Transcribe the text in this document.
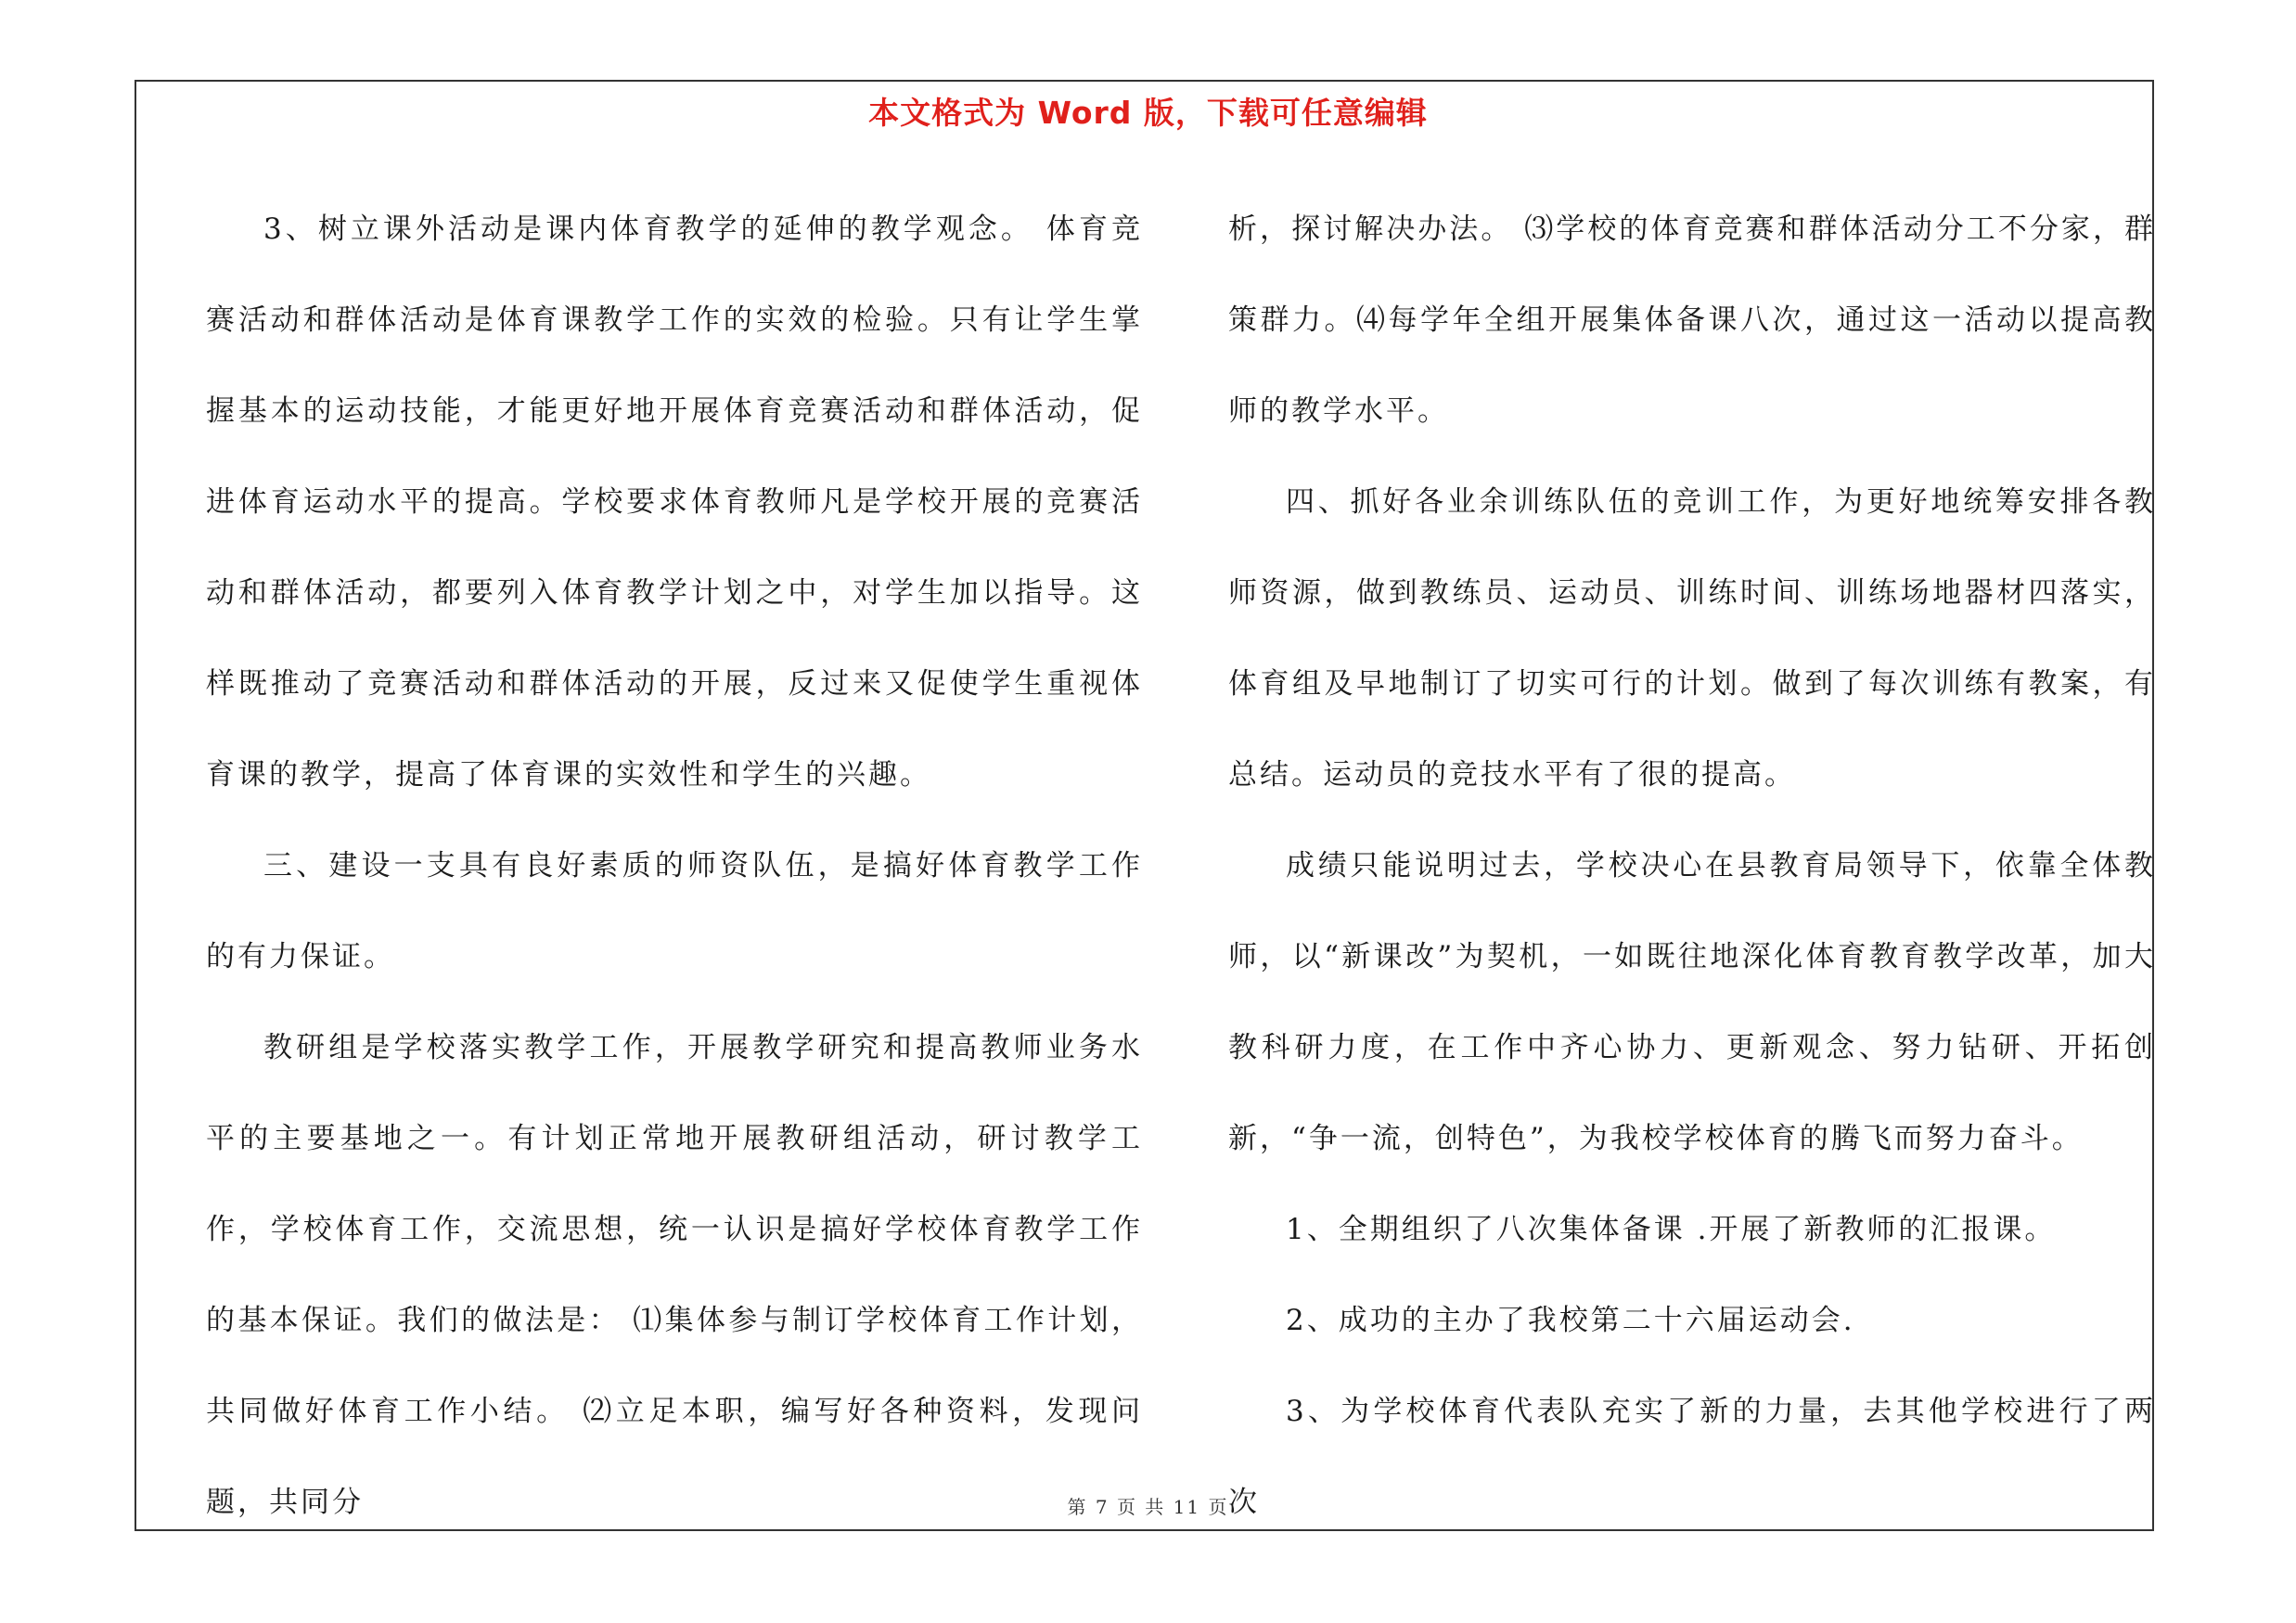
本文格式为 Word 版，下载可任意编辑

3、树立课外活动是课内体育教学的延伸的教学观念。 体育竞赛活动和群体活动是体育课教学工作的实效的检验。只有让学生掌握基本的运动技能，才能更好地开展体育竞赛活动和群体活动，促进体育运动水平的提高。学校要求体育教师凡是学校开展的竞赛活动和群体活动，都要列入体育教学计划之中，对学生加以指导。这样既推动了竞赛活动和群体活动的开展，反过来又促使学生重视体育课的教学，提高了体育课的实效性和学生的兴趣。

三、建设一支具有良好素质的师资队伍，是搞好体育教学工作的有力保证。

教研组是学校落实教学工作，开展教学研究和提高教师业务水平的主要基地之一。有计划正常地开展教研组活动，研讨教学工作，学校体育工作，交流思想，统一认识是搞好学校体育教学工作的基本保证。我们的做法是： ⑴集体参与制订学校体育工作计划，共同做好体育工作小结。 ⑵立足本职，编写好各种资料，发现问题，共同分

析，探讨解决办法。 ⑶学校的体育竞赛和群体活动分工不分家，群策群力。⑷每学年全组开展集体备课八次，通过这一活动以提高教师的教学水平。

四、抓好各业余训练队伍的竞训工作，为更好地统筹安排各教师资源，做到教练员、运动员、训练时间、训练场地器材四落实，体育组及早地制订了切实可行的计划。做到了每次训练有教案，有总结。运动员的竞技水平有了很的提高。

成绩只能说明过去，学校决心在县教育局领导下，依靠全体教师，以“新课改”为契机，一如既往地深化体育教育教学改革，加大教科研力度，在工作中齐心协力、更新观念、努力钻研、开拓创新，“争一流，创特色”，为我校学校体育的腾飞而努力奋斗。

1、全期组织了八次集体备课 .开展了新教师的汇报课。

2、成功的主办了我校第二十六届运动会.

3、为学校体育代表队充实了新的力量，去其他学校进行了两次

第 7 页 共 11 页
